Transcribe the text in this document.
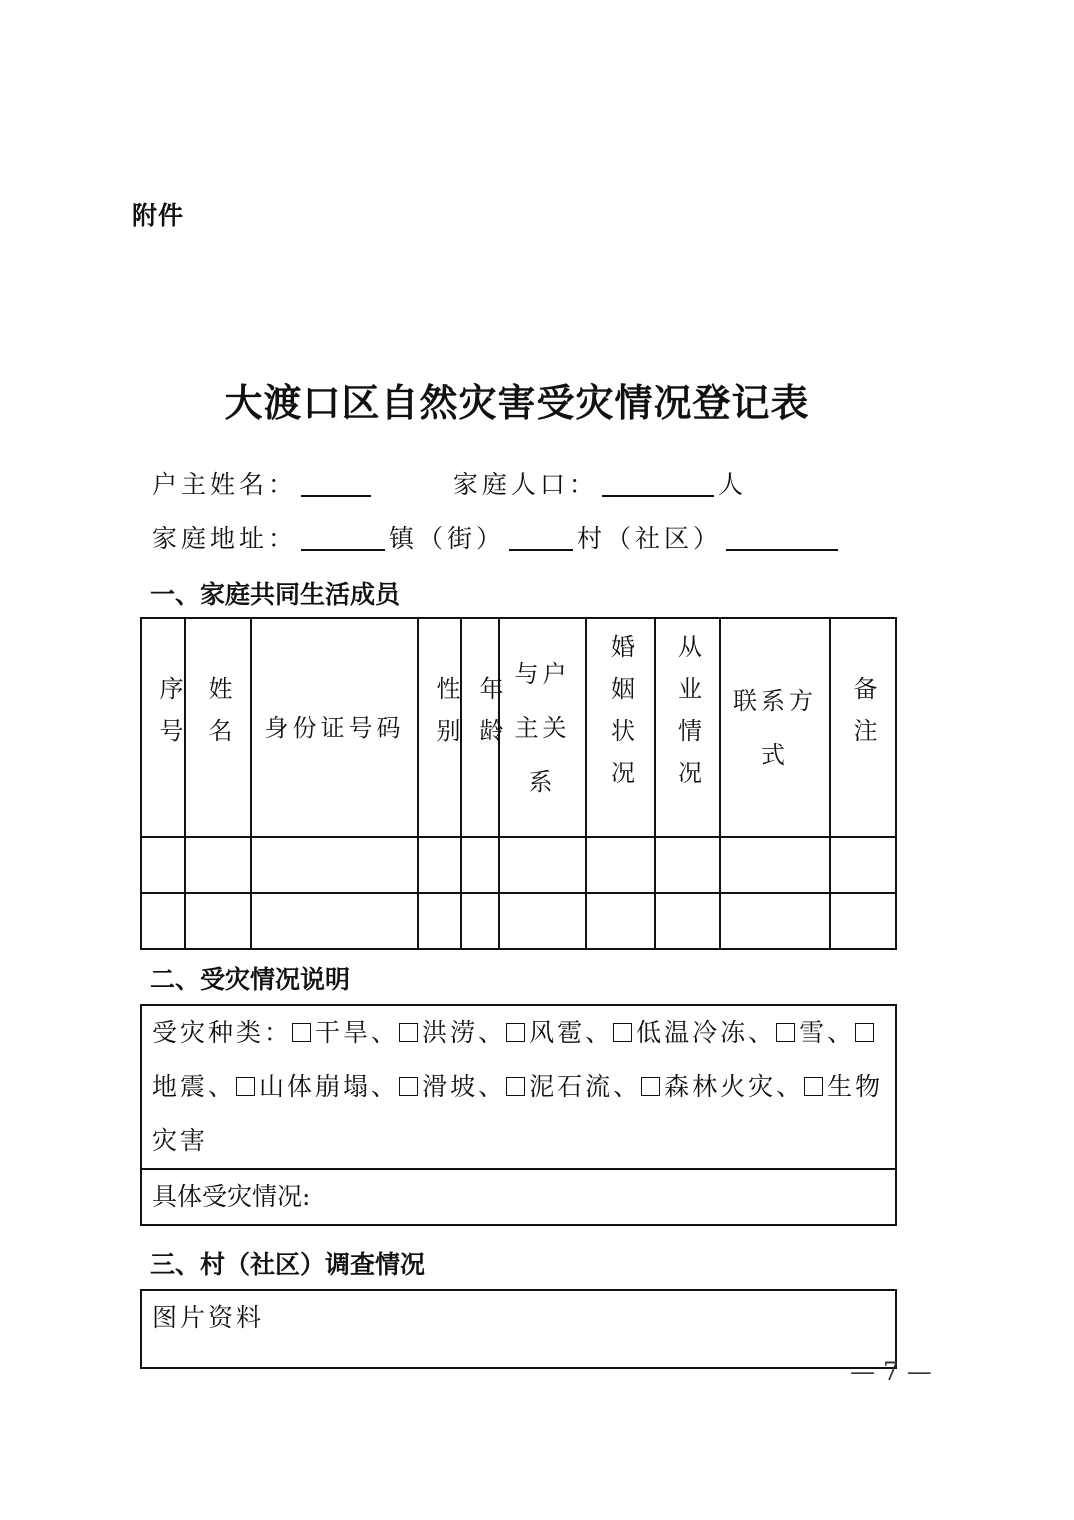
附件
大渡口区自然灾害受灾情况登记表
户主姓名：	家庭人口：	人
家庭地址：	镇（街）	村（社区）
一、家庭共同生活成员
序号	姓名	身份证号码	性别	年龄	与户主关系	婚姻状况	从业情况	联系方式	备注

二、受灾情况说明
受灾种类： 干旱、 洪涝、 风雹、 低温冷冻、 雪、地震、 山体崩塌、 滑坡、 泥石流、 森林火灾、 生物灾害
具体受灾情况:
三、村（社区）调查情况
图片资料
— 7 —
